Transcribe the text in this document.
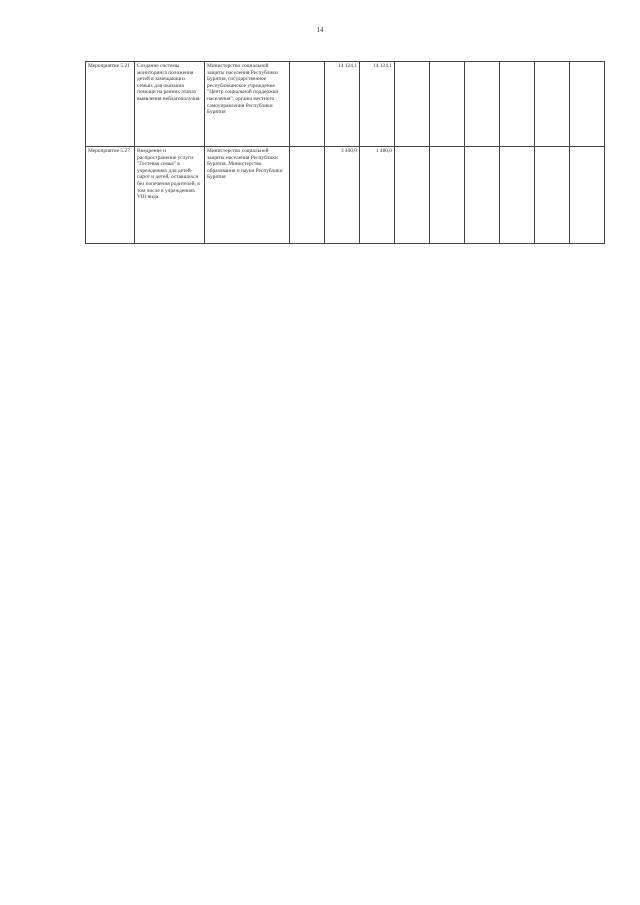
14
Мероприятие 5.21	Создание системы мониторинга положения детей в замещающих семьях для оказания помощи на ранних этапах выявления неблагополучия	Министерство социальной защиты населения Республики Бурятия, государственное республиканское учреждение "Центр социальной поддержки населения", органы местного самоуправления Республики Бурятия		14 124,1	14 124,1						
Мероприятие 5.27	Внедрение и распространение услуги "Гостевая семья" в учреждениях для детей-сирот и детей, оставшихся без попечения родителей, в том числе в учреждениях VIII вида	Министерство социальной защиты населения Республики Бурятия, Министерство образования и науки Республики Бурятия		3 400,0	1 480,0						
